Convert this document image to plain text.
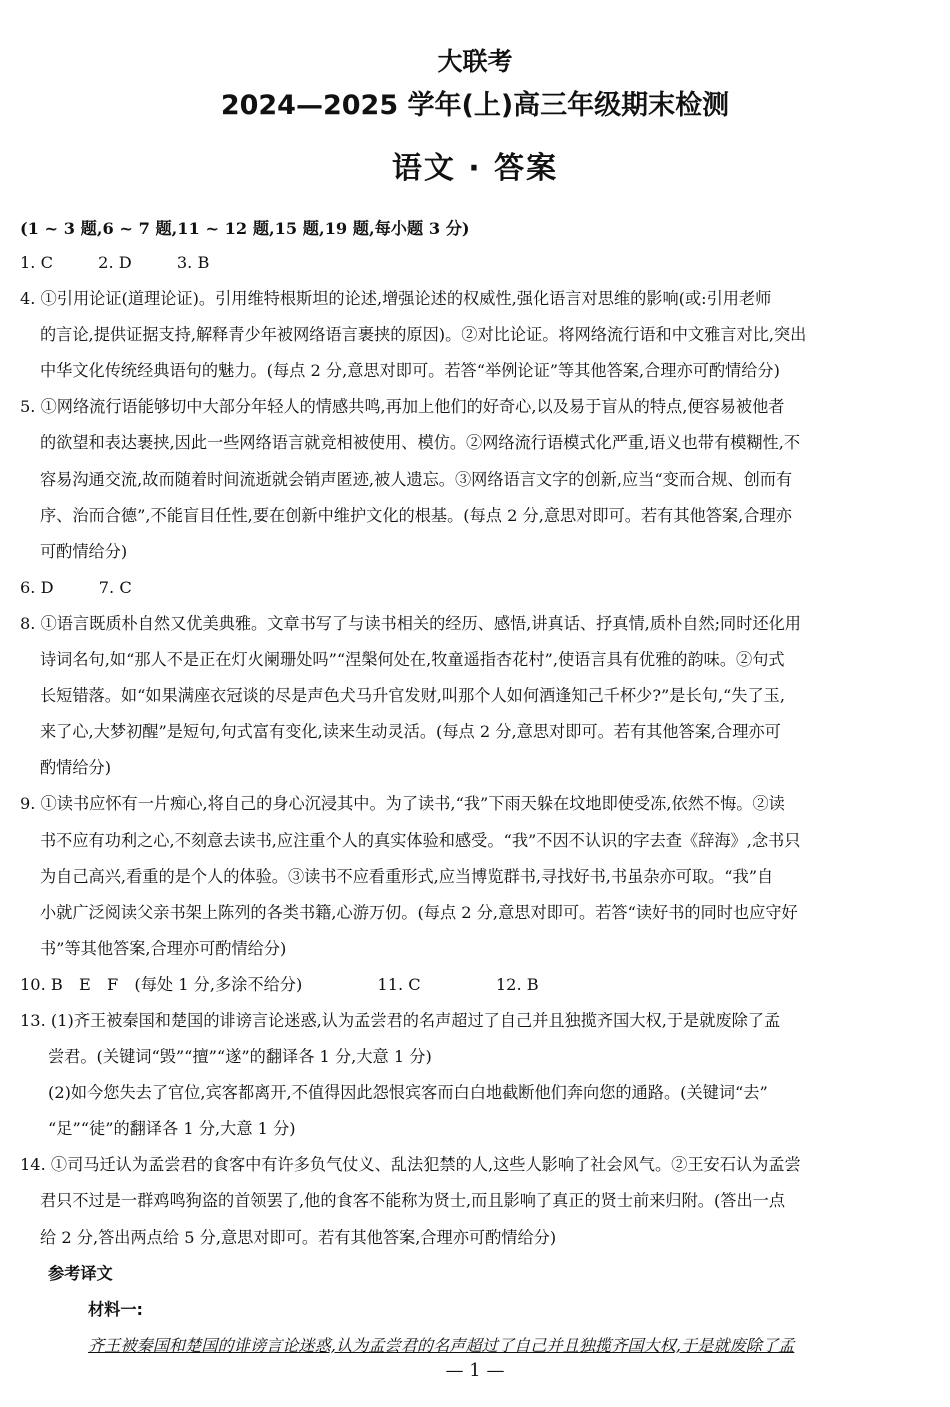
大联考
2024—2025 学年(上)高三年级期末检测
语文 · 答案
(1 ~ 3 题,6 ~ 7 题,11 ~ 12 题,15 题,19 题,每小题 3 分)
1. C	2. D	3. B
4. ①引用论证(道理论证)。引用维特根斯坦的论述,增强论述的权威性,强化语言对思维的影响(或:引用老师
的言论,提供证据支持,解释青少年被网络语言裹挟的原因)。②对比论证。将网络流行语和中文雅言对比,突出
中华文化传统经典语句的魅力。(每点 2 分,意思对即可。若答“举例论证”等其他答案,合理亦可酌情给分)
5. ①网络流行语能够切中大部分年轻人的情感共鸣,再加上他们的好奇心,以及易于盲从的特点,便容易被他者
的欲望和表达裹挟,因此一些网络语言就竞相被使用、模仿。②网络流行语模式化严重,语义也带有模糊性,不
容易沟通交流,故而随着时间流逝就会销声匿迹,被人遗忘。③网络语言文字的创新,应当“变而合规、创而有
序、治而合德”,不能盲目任性,要在创新中维护文化的根基。(每点 2 分,意思对即可。若有其他答案,合理亦
可酌情给分)
6. D	7. C
8. ①语言既质朴自然又优美典雅。文章书写了与读书相关的经历、感悟,讲真话、抒真情,质朴自然;同时还化用
诗词名句,如“那人不是正在灯火阑珊处吗”“涅槃何处在,牧童遥指杏花村”,使语言具有优雅的韵味。②句式
长短错落。如“如果满座衣冠谈的尽是声色犬马升官发财,叫那个人如何酒逢知己千杯少?”是长句,“失了玉,
来了心,大梦初醒”是短句,句式富有变化,读来生动灵活。(每点 2 分,意思对即可。若有其他答案,合理亦可
酌情给分)
9. ①读书应怀有一片痴心,将自己的身心沉浸其中。为了读书,“我”下雨天躲在坟地即使受冻,依然不悔。②读
书不应有功利之心,不刻意去读书,应注重个人的真实体验和感受。“我”不因不认识的字去查《辞海》,念书只
为自己高兴,看重的是个人的体验。③读书不应看重形式,应当博览群书,寻找好书,书虽杂亦可取。“我”自
小就广泛阅读父亲书架上陈列的各类书籍,心游万仞。(每点 2 分,意思对即可。若答“读好书的同时也应守好
书”等其他答案,合理亦可酌情给分)
10. B　E　F　(每处 1 分,多涂不给分)	11. C	12. B
13. (1)齐王被秦国和楚国的诽谤言论迷惑,认为孟尝君的名声超过了自己并且独揽齐国大权,于是就废除了孟
尝君。(关键词“毁”“擅”“遂”的翻译各 1 分,大意 1 分)
(2)如今您失去了官位,宾客都离开,不值得因此怨恨宾客而白白地截断他们奔向您的通路。(关键词“去”
“足”“徒”的翻译各 1 分,大意 1 分)
14. ①司马迁认为孟尝君的食客中有许多负气仗义、乱法犯禁的人,这些人影响了社会风气。②王安石认为孟尝
君只不过是一群鸡鸣狗盗的首领罢了,他的食客不能称为贤士,而且影响了真正的贤士前来归附。(答出一点
给 2 分,答出两点给 5 分,意思对即可。若有其他答案,合理亦可酌情给分)
参考译文
材料一:
齐王被秦国和楚国的诽谤言论迷惑,认为孟尝君的名声超过了自己并且独揽齐国大权,于是就废除了孟
— 1 —
